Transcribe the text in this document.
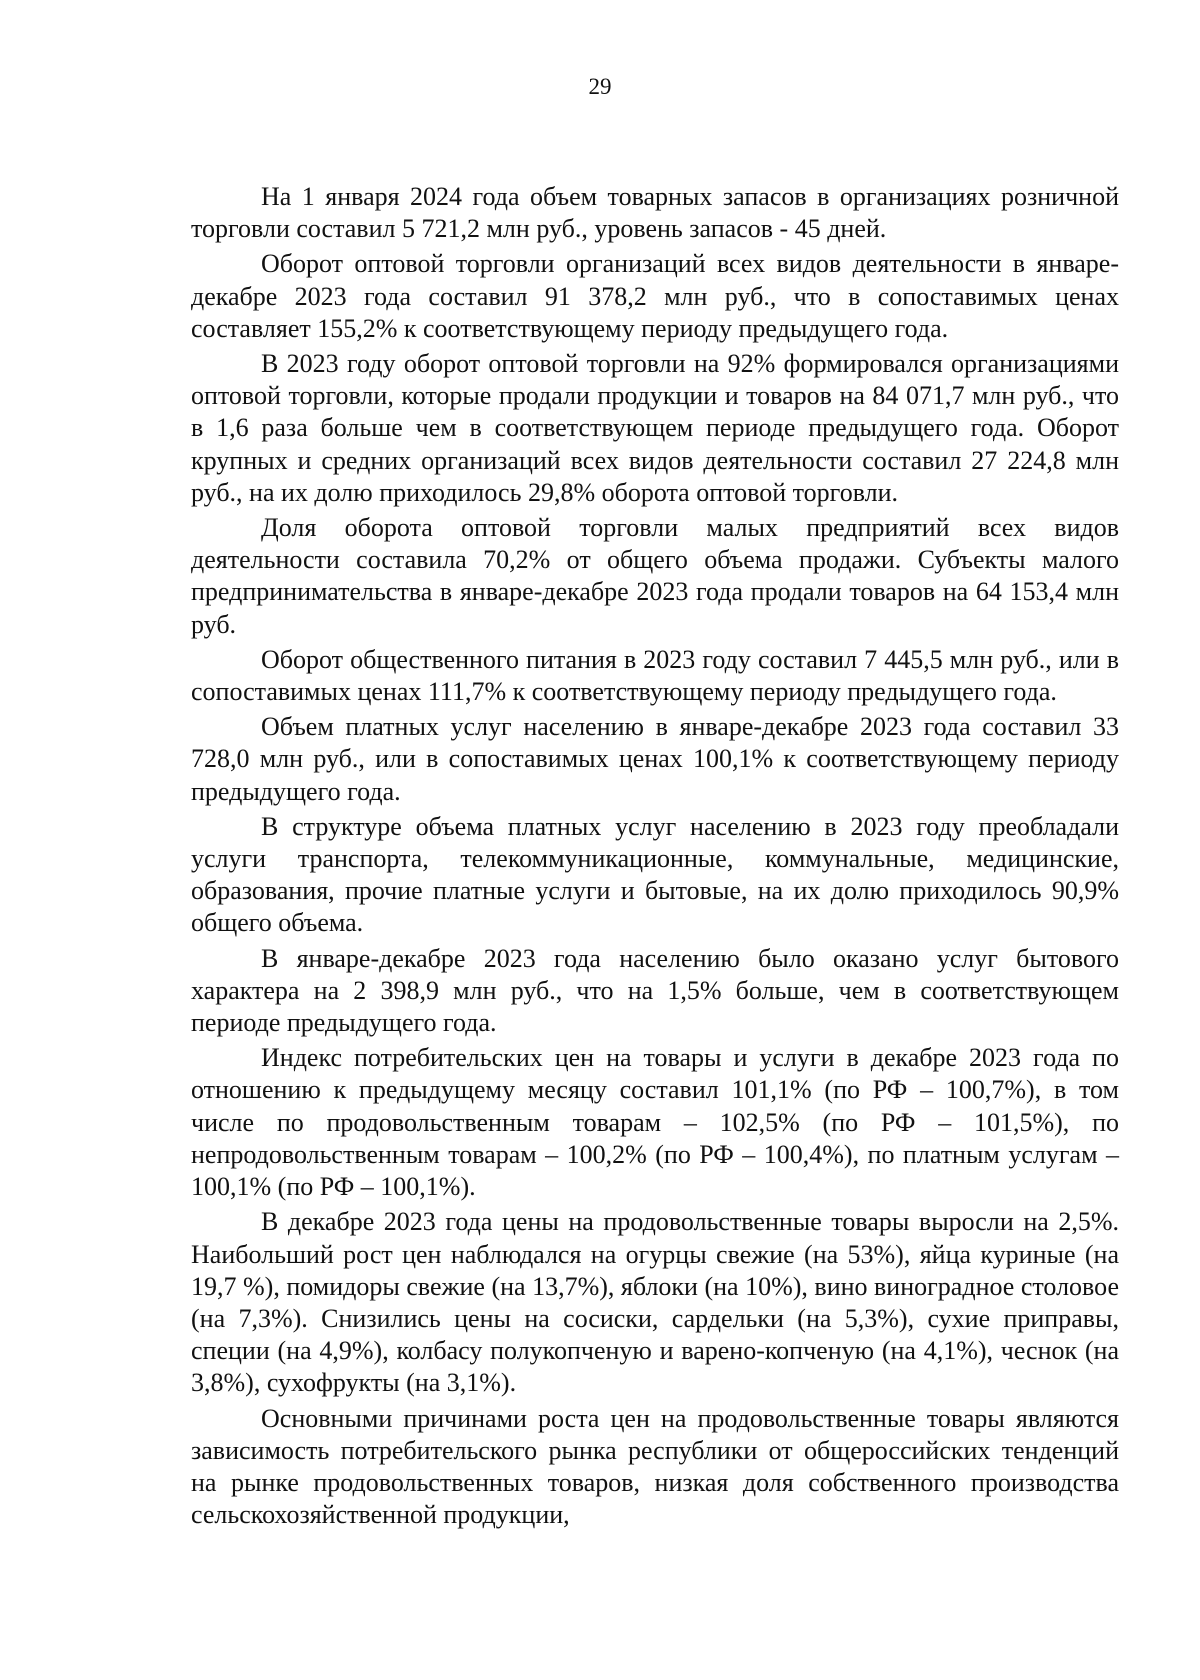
29

На 1 января 2024 года объем товарных запасов в организациях розничной торговли составил 5 721,2 млн руб., уровень запасов - 45 дней.

Оборот оптовой торговли организаций всех видов деятельности в январе-декабре 2023 года составил 91 378,2 млн руб., что в сопоставимых ценах составляет 155,2% к соответствующему периоду предыдущего года.

В 2023 году оборот оптовой торговли на 92% формировался организациями оптовой торговли, которые продали продукции и товаров на 84 071,7 млн руб., что в 1,6 раза больше чем в соответствующем периоде предыдущего года. Оборот крупных и средних организаций всех видов деятельности составил 27 224,8 млн руб., на их долю приходилось 29,8% оборота оптовой торговли.

Доля оборота оптовой торговли малых предприятий всех видов деятельности составила 70,2% от общего объема продажи. Субъекты малого предпринимательства в январе-декабре 2023 года продали товаров на 64 153,4 млн руб.

Оборот общественного питания в 2023 году составил 7 445,5 млн руб., или в сопоставимых ценах 111,7% к соответствующему периоду предыдущего года.

Объем платных услуг населению в январе-декабре 2023 года составил 33 728,0 млн руб., или в сопоставимых ценах 100,1% к соответствующему периоду предыдущего года.

В структуре объема платных услуг населению в 2023 году преобладали услуги транспорта, телекоммуникационные, коммунальные, медицинские, образования, прочие платные услуги и бытовые, на их долю приходилось 90,9% общего объема.

В январе-декабре 2023 года населению было оказано услуг бытового характера на 2 398,9 млн руб., что на 1,5% больше, чем в соответствующем периоде предыдущего года.

Индекс потребительских цен на товары и услуги в декабре 2023 года по отношению к предыдущему месяцу составил 101,1% (по РФ – 100,7%), в том числе по продовольственным товарам – 102,5% (по РФ – 101,5%), по непродовольственным товарам – 100,2% (по РФ – 100,4%), по платным услугам – 100,1% (по РФ – 100,1%).

В декабре 2023 года цены на продовольственные товары выросли на 2,5%. Наибольший рост цен наблюдался на огурцы свежие (на 53%), яйца куриные (на 19,7 %), помидоры свежие (на 13,7%), яблоки (на 10%), вино виноградное столовое (на 7,3%). Снизились цены на сосиски, сардельки (на 5,3%), сухие приправы, специи (на 4,9%), колбасу полукопченую и варено-копченую (на 4,1%), чеснок (на 3,8%), сухофрукты (на 3,1%).

Основными причинами роста цен на продовольственные товары являются зависимость потребительского рынка республики от общероссийских тенденций на рынке продовольственных товаров, низкая доля собственного производства сельскохозяйственной продукции,
